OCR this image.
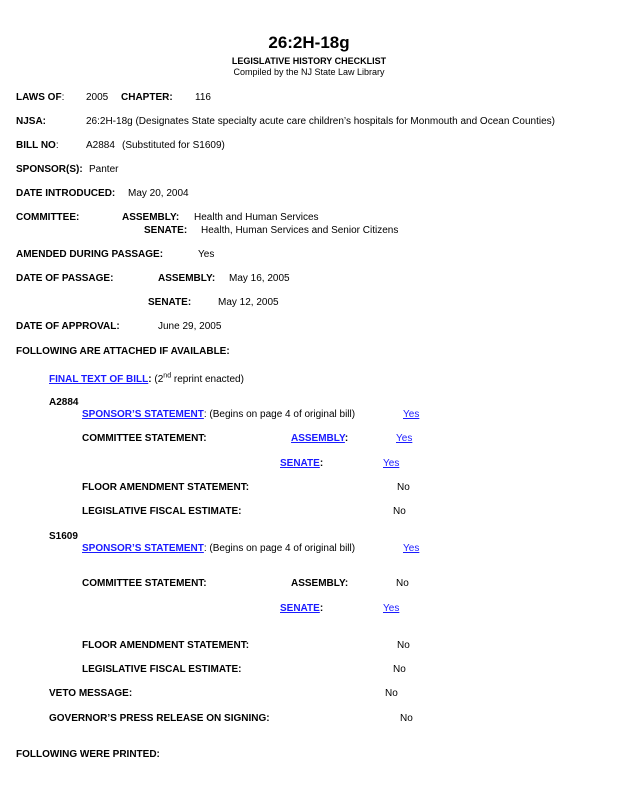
26:2H-18g
LEGISLATIVE HISTORY CHECKLIST
Compiled by the NJ State Law Library
LAWS OF: 2005 CHAPTER: 116
NJSA:	26:2H-18g (Designates State specialty acute care children’s hospitals for Monmouth and Ocean Counties)
BILL NO:	A2884 (Substituted for S1609)
SPONSOR(S): Panter
DATE INTRODUCED: May 20, 2004
COMMITTEE:	ASSEMBLY: Health and Human Services
SENATE: Health, Human Services and Senior Citizens
AMENDED DURING PASSAGE:	Yes
DATE OF PASSAGE:	ASSEMBLY: May 16, 2005
SENATE:	May 12, 2005
DATE OF APPROVAL:	June 29, 2005
FOLLOWING ARE ATTACHED IF AVAILABLE:
FINAL TEXT OF BILL: (2nd reprint enacted)
A2884
SPONSOR’S STATEMENT: (Begins on page 4 of original bill)	Yes
COMMITTEE STATEMENT:	ASSEMBLY:	Yes
SENATE:	Yes
FLOOR AMENDMENT STATEMENT:	No
LEGISLATIVE FISCAL ESTIMATE:	No
S1609
SPONSOR’S STATEMENT: (Begins on page 4 of original bill)	Yes
COMMITTEE STATEMENT:	ASSEMBLY:	No
SENATE:	Yes
FLOOR AMENDMENT STATEMENT:	No
LEGISLATIVE FISCAL ESTIMATE:	No
VETO MESSAGE:	No
GOVERNOR’S PRESS RELEASE ON SIGNING:	No
FOLLOWING WERE PRINTED:
